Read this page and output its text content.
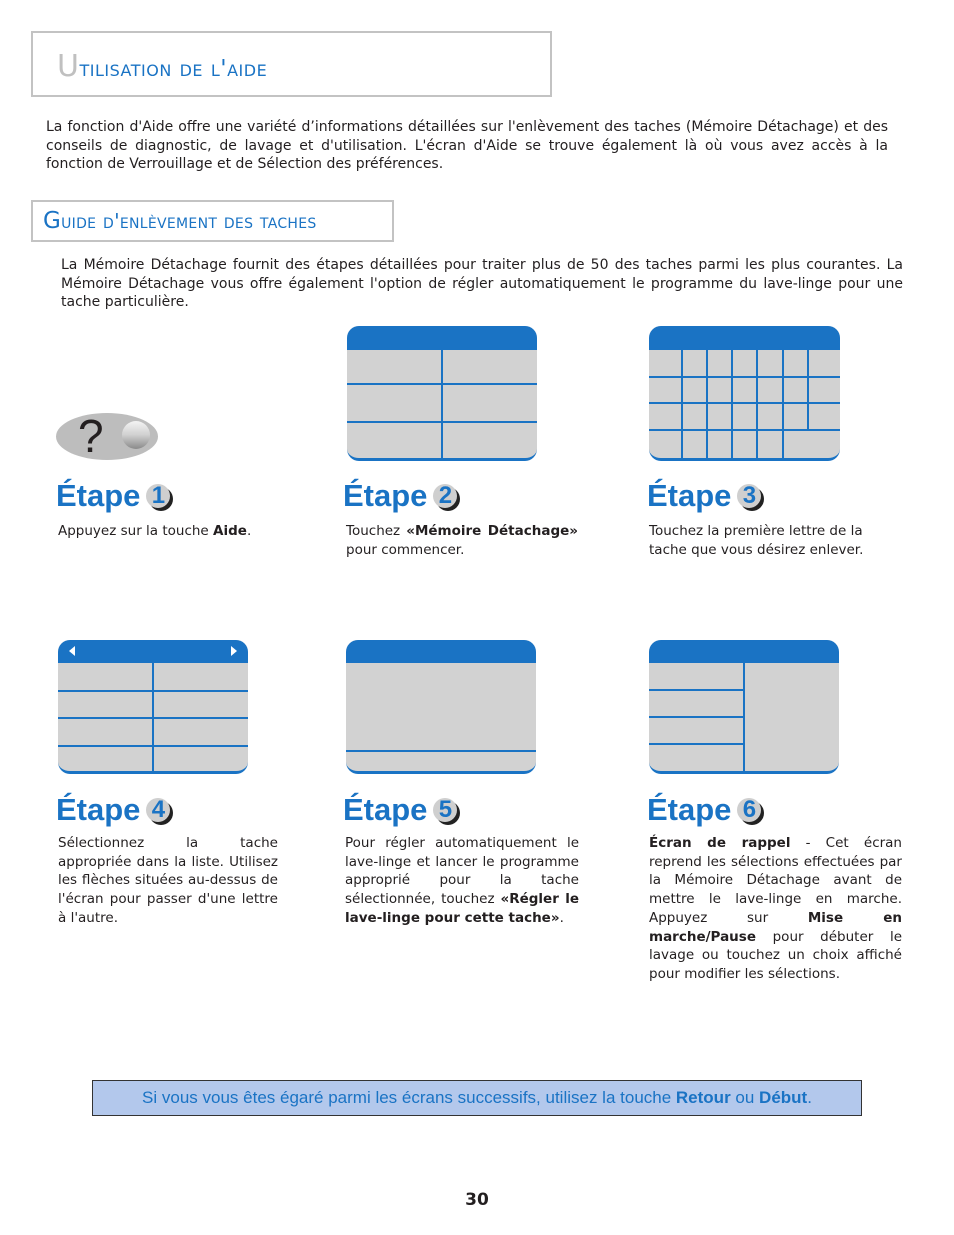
Utilisation de l'aide
La fonction d'Aide offre une variété d’informations détaillées sur l'enlèvement des taches (Mémoire Détachage) et des conseils de diagnostic, de lavage et d'utilisation. L'écran d'Aide se trouve également là où vous avez accès à la fonction de Verrouillage et de Sélection des préférences.
Guide d'enlèvement des taches
La Mémoire Détachage fournit des étapes détaillées pour traiter plus de 50 des taches parmi les plus courantes. La Mémoire Détachage vous offre également l'option de régler automatiquement le programme du lave-linge pour une tache particulière.
?
Étape 1
Appuyez sur la touche Aide.
Étape 2
Touchez «Mémoire Détachage» pour commencer.
Étape 3
Touchez la première lettre de la tache que vous désirez enlever.
Étape 4
Sélectionnez la tache appropriée dans la liste. Utilisez les flèches situées au-dessus de l'écran pour passer d'une lettre à l'autre.
Étape 5
Pour régler automatiquement le lave-linge et lancer le programme approprié pour la tache sélectionnée, touchez «Régler le lave-linge pour cette tache».
Étape 6
Écran de rappel - Cet écran reprend les sélections effectuées par la Mémoire Détachage avant de mettre le lave-linge en marche. Appuyez sur Mise en marche/Pause pour débuter le lavage ou touchez un choix affiché pour modifier les sélections.
Si vous vous êtes égaré parmi les écrans successifs, utilisez la touche Retour ou Début.
30
